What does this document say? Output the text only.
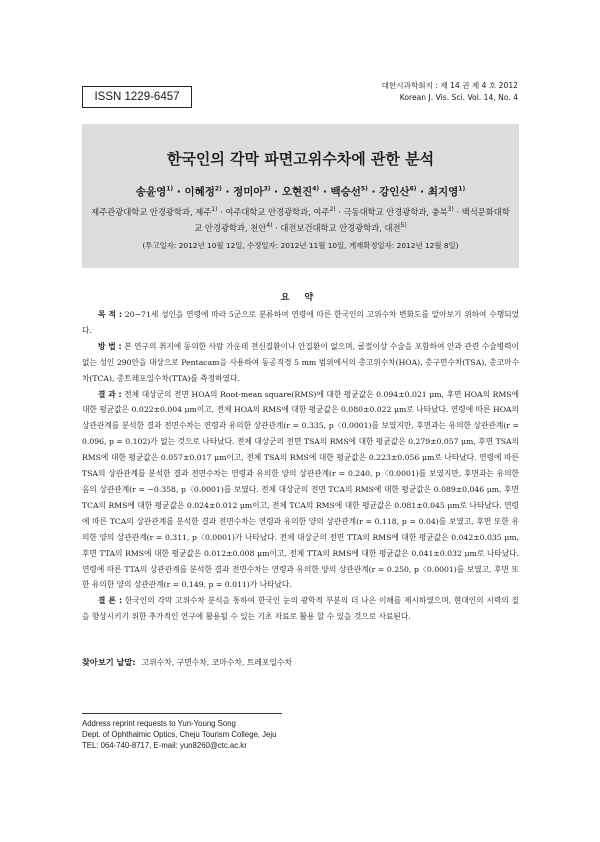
ISSN 1229-6457
대한시과학회지 : 제 14 권 제 4 호 2012
Korean J. Vis. Sci. Vol. 14, No. 4
한국인의 각막 파면고위수차에 관한 분석
송윤영$^{1)}$ · 이혜정$^{2)}$ · 정미아$^{3)}$ · 오현진$^{4)}$ · 백승선$^{5)}$ · 강인산$^{6)}$ · 최지영$^{1)}$
제주관광대학교 안경광학과, 제주$^{1)}$ · 여주대학교 안경광학과, 여주$^{2)}$ · 극동대학교 안경광학과, 충북$^{3)}$ · 백석문화대학교 안경광학과, 천안$^{4)}$ · 대전보건대학교 안경광학과, 대전$^{5)}$
(투고일자: 2012년 10월 12일, 수정일자: 2012년 11월 10일, 게재확정일자: 2012년 12월 8일)
요 약

목 적 : 20~71세 성인을 연령에 따라 5군으로 분류하여 연령에 따른 한국인의 고위수차 변화도를 알아보기 위하여 수행되었다.

방 법 : 본 연구의 취지에 동의한 사람 가운데 전신질환이나 안질환이 없으며, 굴절이상 수술을 포함하여 안과 관련 수술병력이 없는 성인 290안을 대상으로 Pentacam을 사용하여 동공직경 5 mm 범위에서의 총고위수차(HOA), 총구면수차(TSA), 총코마수차(TCA), 총트레포일수차(TTA)를 측정하였다.

결 과 : 전체 대상군의 전면 HOA의 Root-mean square(RMS)에 대한 평균값은 0.094±0.021 μm, 후면 HOA의 RMS에 대한 평균값은 0.022±0.004 μm이고, 전체 HOA의 RMS에 대한 평균값은 0.080±0.022 μm로 나타났다. 연령에 따른 HOA의 상관관계를 분석한 결과 전면수차는 연령과 유의한 상관관계(r = 0.335, p〈0.0001)를 보였지만, 후면과는 유의한 상관관계(r = 0.096, p = 0.102)가 없는 것으로 나타났다. 전체 대상군의 전면 TSA의 RMS에 대한 평균값은 0.279±0.057 μm, 후면 TSA의 RMS에 대한 평균값은 0.057±0.017 μm이고, 전체 TSA의 RMS에 대한 평균값은 0.223±0.056 μm로 나타났다. 연령에 따른 TSA의 상관관계를 분석한 결과 전면수차는 연령과 유의한 양의 상관관계(r = 0.240, p〈0.0001)를 보였지만, 후면과는 유의한 음의 상관관계(r = −0.358, p〈0.0001)를 보였다. 전체 대상군의 전면 TCA의 RMS에 대한 평균값은 0.089±0.046 μm, 후면 TCA의 RMS에 대한 평균값은 0.024±0.012 μm이고, 전체 TCA의 RMS에 대한 평균값은 0.081±0.045 μm로 나타났다. 연령에 따른 TCA의 상관관계를 분석한 결과 전면수차는 연령과 유의한 양의 상관관계(r = 0.118, p = 0.04)를 보였고, 후면 또한 유의한 양의 상관관계(r = 0.311, p〈0.0001)가 나타났다. 전체 대상군의 전면 TTA의 RMS에 대한 평균값은 0.042±0.035 μm, 후면 TTA의 RMS에 대한 평균값은 0.012±0.008 μm이고, 전체 TTA의 RMS에 대한 평균값은 0.041±0.032 μm로 나타났다. 연령에 따른 TTA의 상관관계를 분석한 결과 전면수차는 연령과 유의한 양의 상관관계(r = 0.250, p〈0.0001)를 보였고, 후면 또한 유의한 양의 상관관계(r = 0.149, p = 0.011)가 나타났다.

결 론 : 한국인의 각막 고위수차 분석을 통하여 한국인 눈의 광학적 부분의 더 나은 이해를 제시하였으며, 현대인의 시력의 질을 향상시키기 위한 추가적인 연구에 활용될 수 있는 기초 자료로 활용 할 수 있을 것으로 사료된다.

찾아보기 낱말: 고위수차, 구면수차, 코마수차, 트레포일수차
Address reprint requests to Yun-Young Song
Dept. of Ophthalmic Optics, Cheju Tourism College, Jeju
TEL: 064-740-8717, E-mail: yun8260@ctc.ac.kr
